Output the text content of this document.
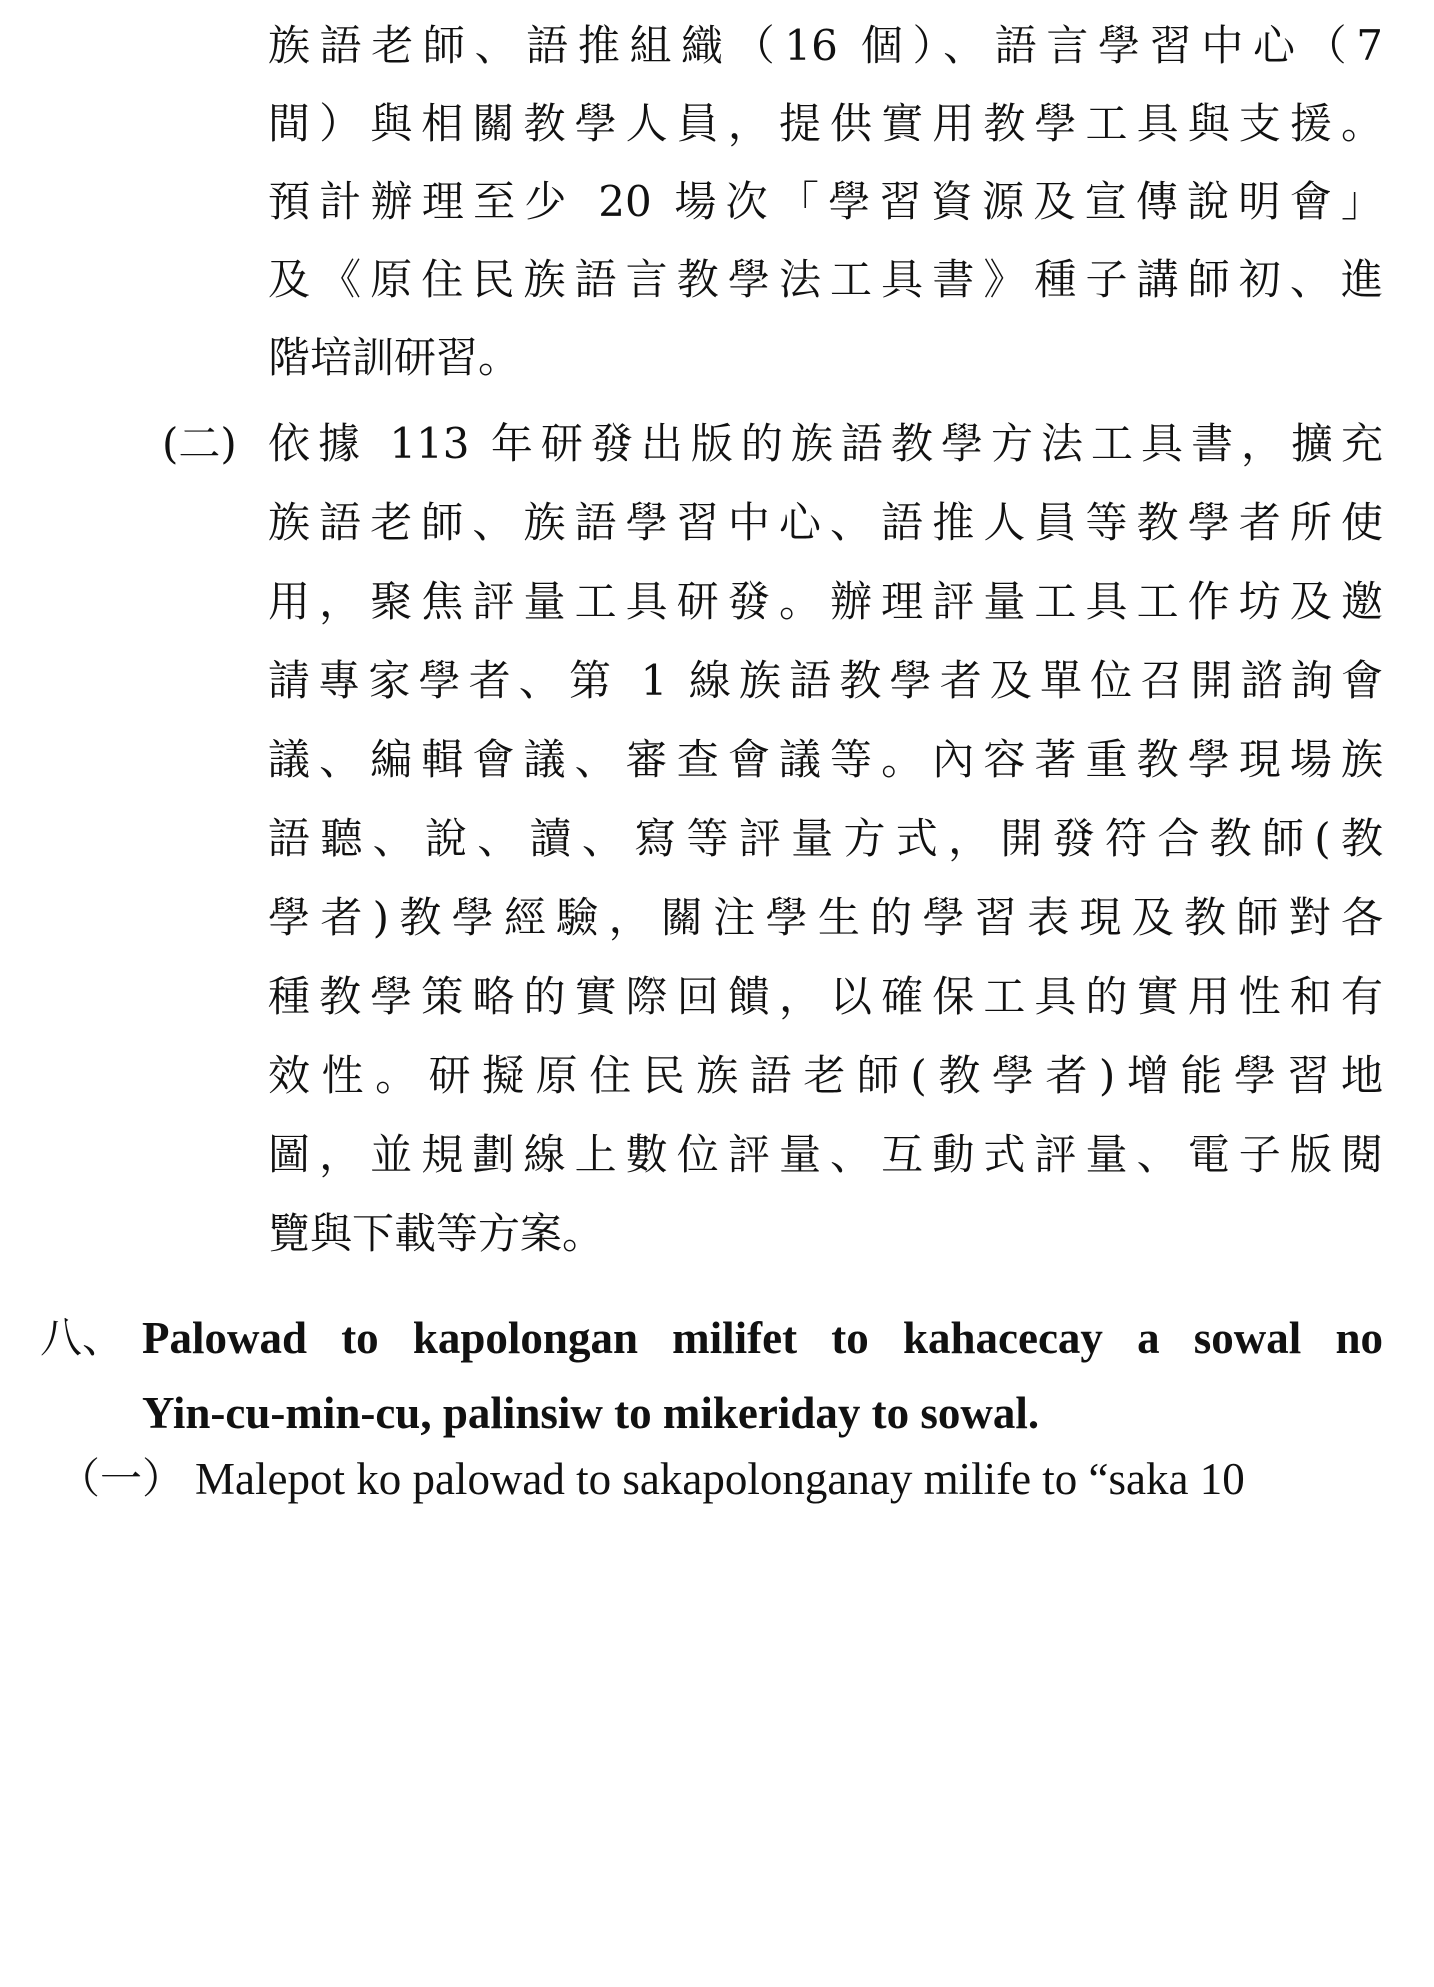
族語老師、語推組織（16 個）、語言學習中心（7
間）與相關教學人員，提供實用教學工具與支援。
預計辦理至少 20 場次「學習資源及宣傳說明會」
及《原住民族語言教學法工具書》種子講師初、進
階培訓研習。
(二) 依據 113 年研發出版的族語教學方法工具書，擴充
族語老師、族語學習中心、語推人員等教學者所使
用，聚焦評量工具研發。辦理評量工具工作坊及邀
請專家學者、第 1 線族語教學者及單位召開諮詢會
議、編輯會議、審查會議等。內容著重教學現場族
語聽、說、讀、寫等評量方式，開發符合教師(教
學者)教學經驗，關注學生的學習表現及教師對各
種教學策略的實際回饋，以確保工具的實用性和有
效性。研擬原住民族語老師(教學者)增能學習地
圖，並規劃線上數位評量、互動式評量、電子版閱
覽與下載等方案。
八、 Palowad to kapolongan milifet to kahacecay a sowal no
Yin-cu-min-cu, palinsiw to mikeriday to sowal.
（一） Malepot ko palowad to sakapolonganay milife to “saka 10
